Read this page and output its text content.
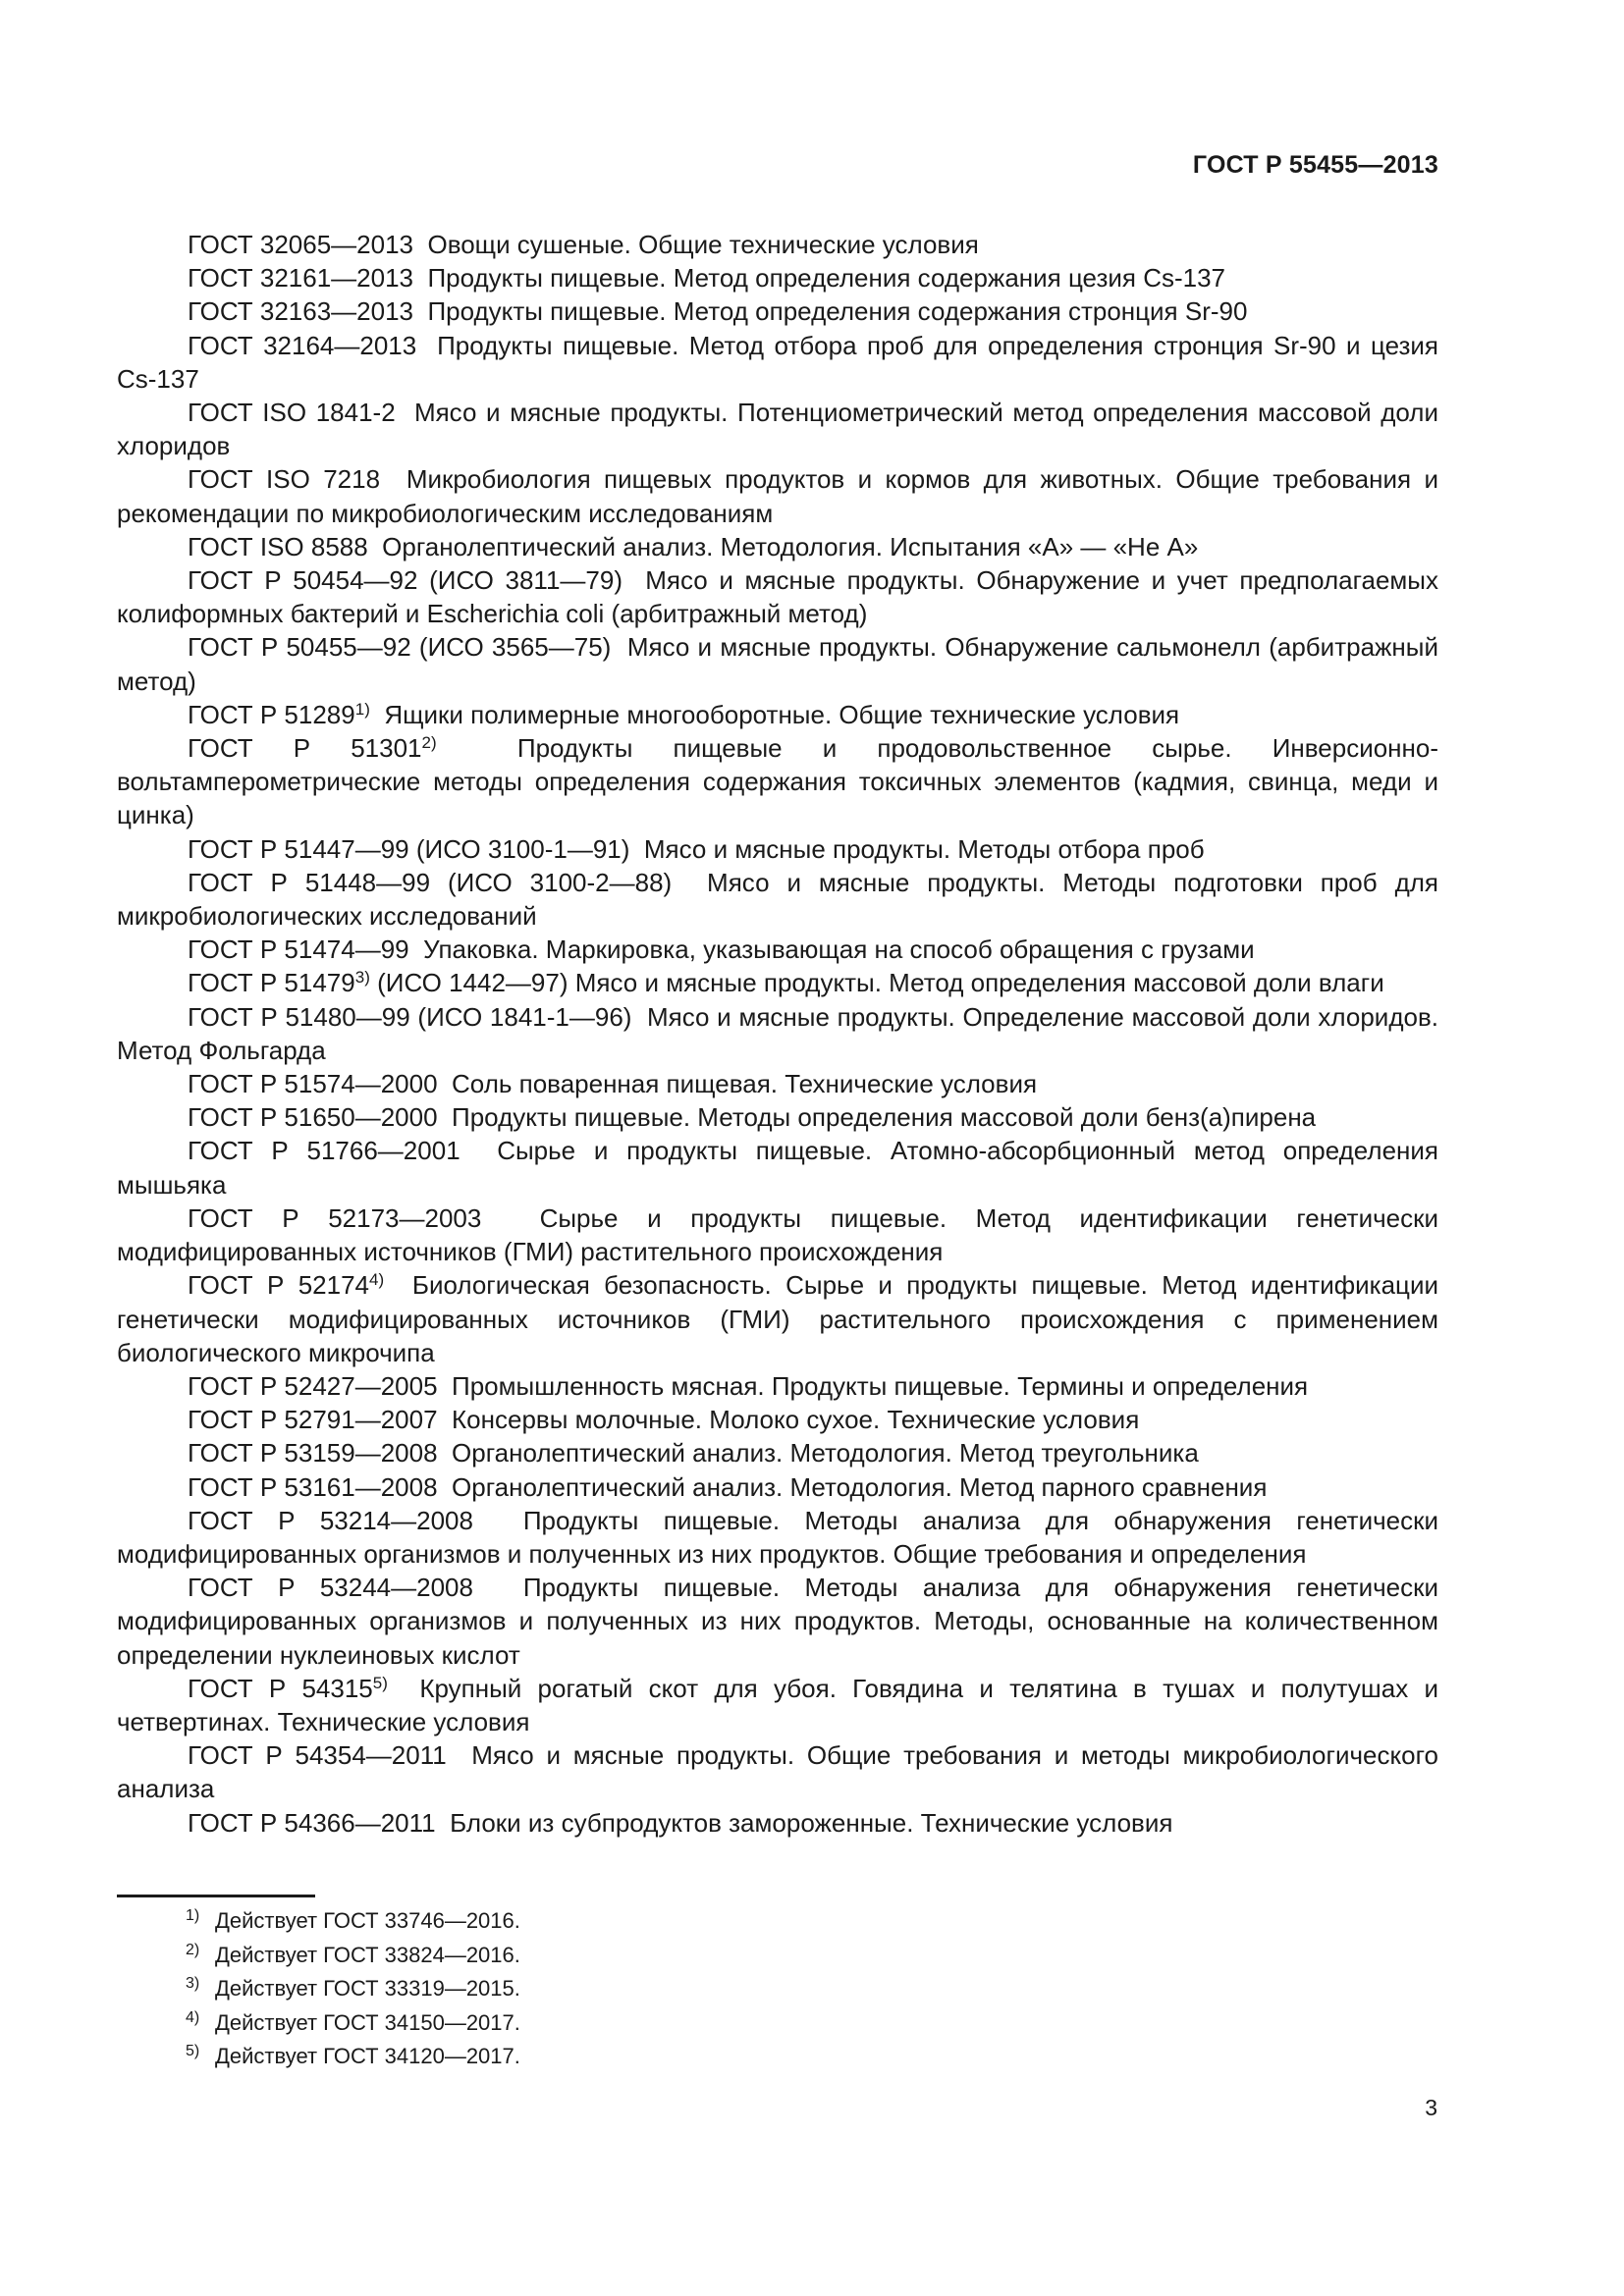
ГОСТ Р 55455—2013

ГОСТ 32065—2013 Овощи сушеные. Общие технические условия

ГОСТ 32161—2013 Продукты пищевые. Метод определения содержания цезия Cs-137

ГОСТ 32163—2013 Продукты пищевые. Метод определения содержания стронция Sr-90

ГОСТ 32164—2013 Продукты пищевые. Метод отбора проб для определения стронция Sr-90 и цезия Cs-137

ГОСТ ISO 1841-2 Мясо и мясные продукты. Потенциометрический метод определения массовой доли хлоридов

ГОСТ ISO 7218 Микробиология пищевых продуктов и кормов для животных. Общие требования и рекомендации по микробиологическим исследованиям

ГОСТ ISO 8588 Органолептический анализ. Методология. Испытания «А» — «Не А»

ГОСТ Р 50454—92 (ИСО 3811—79) Мясо и мясные продукты. Обнаружение и учет предполагаемых колиформных бактерий и Escherichia coli (арбитражный метод)

ГОСТ Р 50455—92 (ИСО 3565—75) Мясо и мясные продукты. Обнаружение сальмонелл (арбитражный метод)

ГОСТ Р 51289$^{1)}$ Ящики полимерные многооборотные. Общие технические условия

ГОСТ Р 51301$^{2)}$	Продукты пищевые и продовольственное сырье. Инверсионно-вольтамперометрические методы определения содержания токсичных элементов (кадмия, свинца, меди и цинка)

ГОСТ Р 51447—99 (ИСО 3100-1—91) Мясо и мясные продукты. Методы отбора проб

ГОСТ Р 51448—99 (ИСО 3100-2—88) Мясо и мясные продукты. Методы подготовки проб для микробиологических исследований

ГОСТ Р 51474—99 Упаковка. Маркировка, указывающая на способ обращения с грузами

ГОСТ Р 51479$^{3)}$ (ИСО 1442—97) Мясо и мясные продукты. Метод определения массовой доли влаги

ГОСТ Р 51480—99 (ИСО 1841-1—96) Мясо и мясные продукты. Определение массовой доли хлоридов. Метод Фольгарда

ГОСТ Р 51574—2000 Соль поваренная пищевая. Технические условия

ГОСТ Р 51650—2000 Продукты пищевые. Методы определения массовой доли бенз(а)пирена

ГОСТ Р 51766—2001 Сырье и продукты пищевые. Атомно-абсорбционный метод определения мышьяка

ГОСТ Р 52173—2003 Сырье и продукты пищевые. Метод идентификации генетически модифицированных источников (ГМИ) растительного происхождения

ГОСТ Р 52174$^{4)}$ Биологическая безопасность. Сырье и продукты пищевые. Метод идентификации генетически модифицированных источников (ГМИ) растительного происхождения с применением биологического микрочипа

ГОСТ Р 52427—2005 Промышленность мясная. Продукты пищевые. Термины и определения

ГОСТ Р 52791—2007 Консервы молочные. Молоко сухое. Технические условия

ГОСТ Р 53159—2008 Органолептический анализ. Методология. Метод треугольника

ГОСТ Р 53161—2008 Органолептический анализ. Методология. Метод парного сравнения

ГОСТ Р 53214—2008 Продукты пищевые. Методы анализа для обнаружения генетически модифицированных организмов и полученных из них продуктов. Общие требования и определения

ГОСТ Р 53244—2008 Продукты пищевые. Методы анализа для обнаружения генетически модифицированных организмов и полученных из них продуктов. Методы, основанные на количественном определении нуклеиновых кислот

ГОСТ Р 54315$^{5)}$ Крупный рогатый скот для убоя. Говядина и телятина в тушах и полутушах и четвертинах. Технические условия

ГОСТ Р 54354—2011 Мясо и мясные продукты. Общие требования и методы микробиологического анализа

ГОСТ Р 54366—2011 Блоки из субпродуктов замороженные. Технические условия

1) Действует ГОСТ 33746—2016.

2) Действует ГОСТ 33824—2016.

3) Действует ГОСТ 33319—2015.

4) Действует ГОСТ 34150—2017.

5) Действует ГОСТ 34120—2017.

3
